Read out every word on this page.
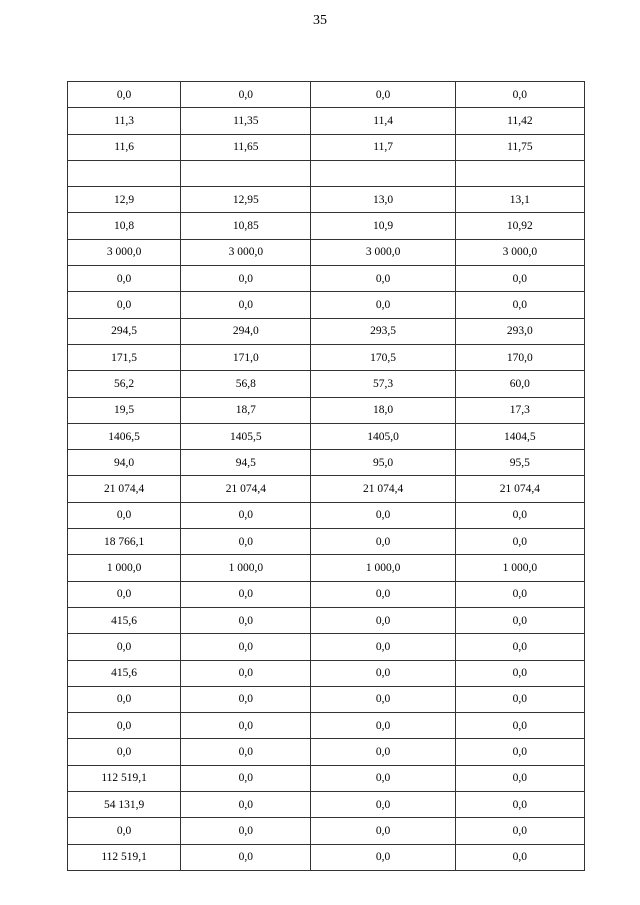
35
0,0	0,0	0,0	0,0
11,3	11,35	11,4	11,42
11,6	11,65	11,7	11,75

12,9	12,95	13,0	13,1
10,8	10,85	10,9	10,92
3 000,0	3 000,0	3 000,0	3 000,0
0,0	0,0	0,0	0,0
0,0	0,0	0,0	0,0
294,5	294,0	293,5	293,0
171,5	171,0	170,5	170,0
56,2	56,8	57,3	60,0
19,5	18,7	18,0	17,3
1406,5	1405,5	1405,0	1404,5
94,0	94,5	95,0	95,5
21 074,4	21 074,4	21 074,4	21 074,4
0,0	0,0	0,0	0,0
18 766,1	0,0	0,0	0,0
1 000,0	1 000,0	1 000,0	1 000,0
0,0	0,0	0,0	0,0
415,6	0,0	0,0	0,0
0,0	0,0	0,0	0,0
415,6	0,0	0,0	0,0
0,0	0,0	0,0	0,0
0,0	0,0	0,0	0,0
0,0	0,0	0,0	0,0
112 519,1	0,0	0,0	0,0
54 131,9	0,0	0,0	0,0
0,0	0,0	0,0	0,0
112 519,1	0,0	0,0	0,0
